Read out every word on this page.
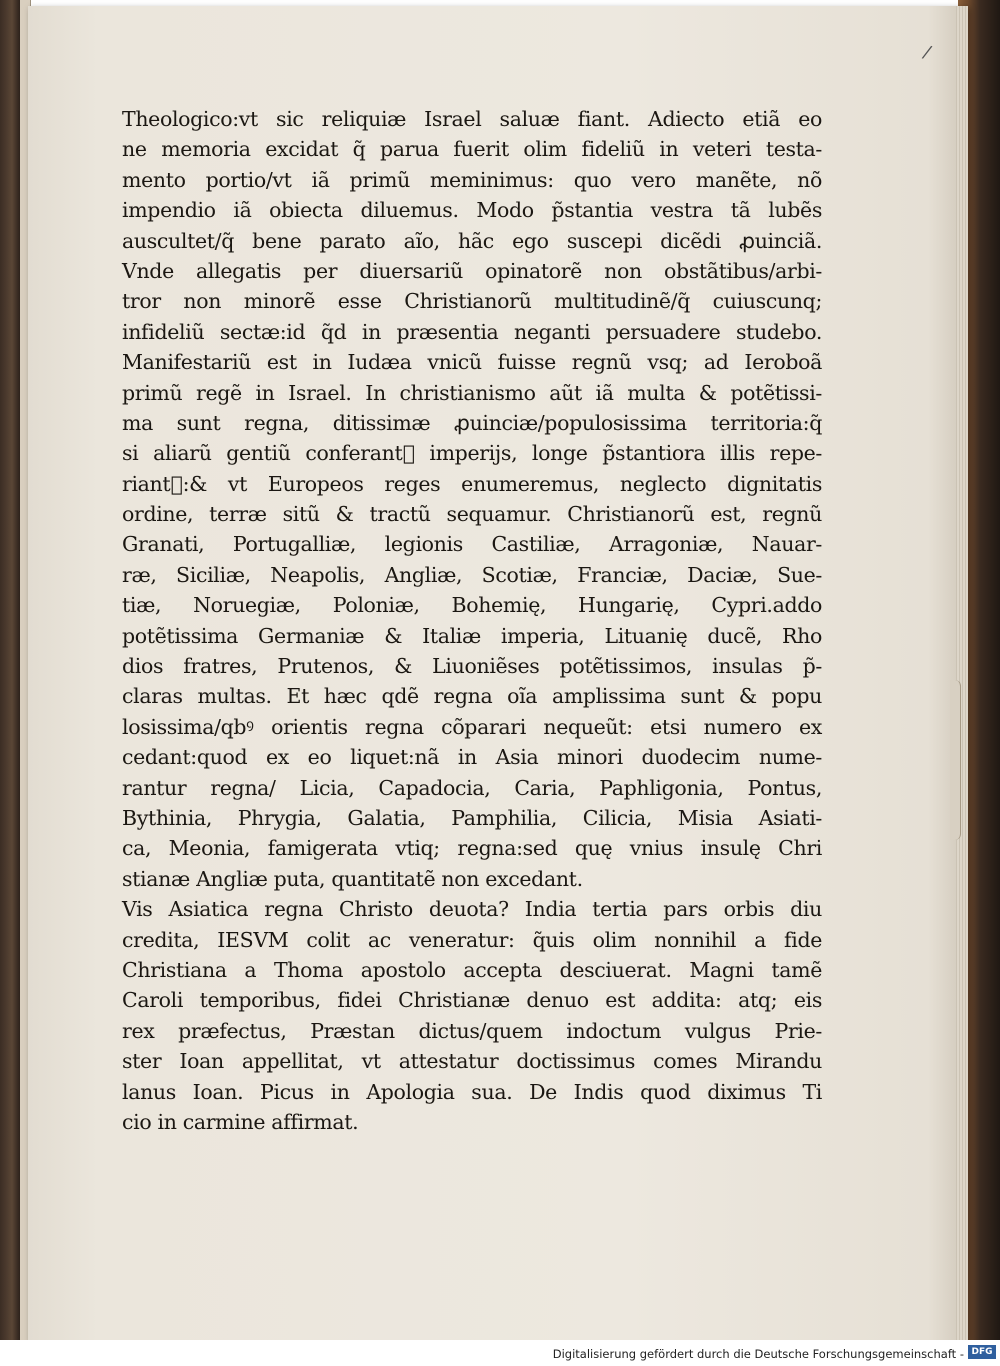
/
Theologico:vt sic reliquiæ Israel saluæ fiant. Adiecto etiã eo
ne memoria excidat q̃ parua fuerit olim fideliũ in veteri testa-
mento portio/vt iã primũ meminimus: quo vero manẽte, nõ
impendio iã obiecta diluemus. Modo p̃stantia vestra tã lubẽs
auscultet/q̃ bene parato aĩo, hãc ego suscepi dicẽdi ꝓuinciã.
Vnde allegatis per diuersariũ opinatorẽ non obstãtibus/arbi-
tror non minorẽ esse Christianorũ multitudinẽ/q̃ cuiuscunq;
infideliũ sectæ:id q̃d in præsentia neganti persuadere studebo.
Manifestariũ est in Iudæa vnicũ fuisse regnũ vsq; ad Ieroboã
primũ regẽ in Israel. In christianismo aũt iã multa & potẽtissi-
ma sunt regna, ditissimæ ꝓuinciæ/populosissima territoria:q̃
si aliarũ gentiũ conferantᷣ imperijs, longe p̃stantiora illis repe-
riantᷣ:& vt Europeos reges enumeremus, neglecto dignitatis
ordine, terræ sitũ & tractũ sequamur. Christianorũ est, regnũ
Granati, Portugalliæ, legionis Castiliæ, Arragoniæ, Nauar-
ræ, Siciliæ, Neapolis, Angliæ, Scotiæ, Franciæ, Daciæ, Sue-
tiæ, Noruegiæ, Poloniæ, Bohemię, Hungarię, Cypri.addo
potẽtissima Germaniæ & Italiæ imperia, Lituanię ducẽ, Rho
dios fratres, Prutenos, & Liuoniẽses potẽtissimos, insulas p̃-
claras multas. Et hæc qdẽ regna oĩa amplissima sunt & popu
losissima/qbꝰ orientis regna cõparari nequeũt: etsi numero ex
cedant:quod ex eo liquet:nã in Asia minori duodecim nume-
rantur regna/ Licia, Capadocia, Caria, Paphligonia, Pontus,
Bythinia, Phrygia, Galatia, Pamphilia, Cilicia, Misia Asiati-
ca, Meonia, famigerata vtiq; regna:sed quę vnius insulę Chri
stianæ Angliæ puta, quantitatẽ non excedant.
Vis Asiatica regna Christo deuota? India tertia pars orbis diu
credita, IESVM colit ac veneratur: q̃uis olim nonnihil a fide
Christiana a Thoma apostolo accepta desciuerat. Magni tamẽ
Caroli temporibus, fidei Christianæ denuo est addita: atq; eis
rex præfectus, Præstan dictus/quem indoctum vulgus Prie-
ster Ioan appellitat, vt attestatur doctissimus comes Mirandu
lanus Ioan. Picus in Apologia sua. De Indis quod diximus Ti
cio in carmine affirmat.
Digitalisierung gefördert durch die Deutsche Forschungsgemeinschaft - DFG
